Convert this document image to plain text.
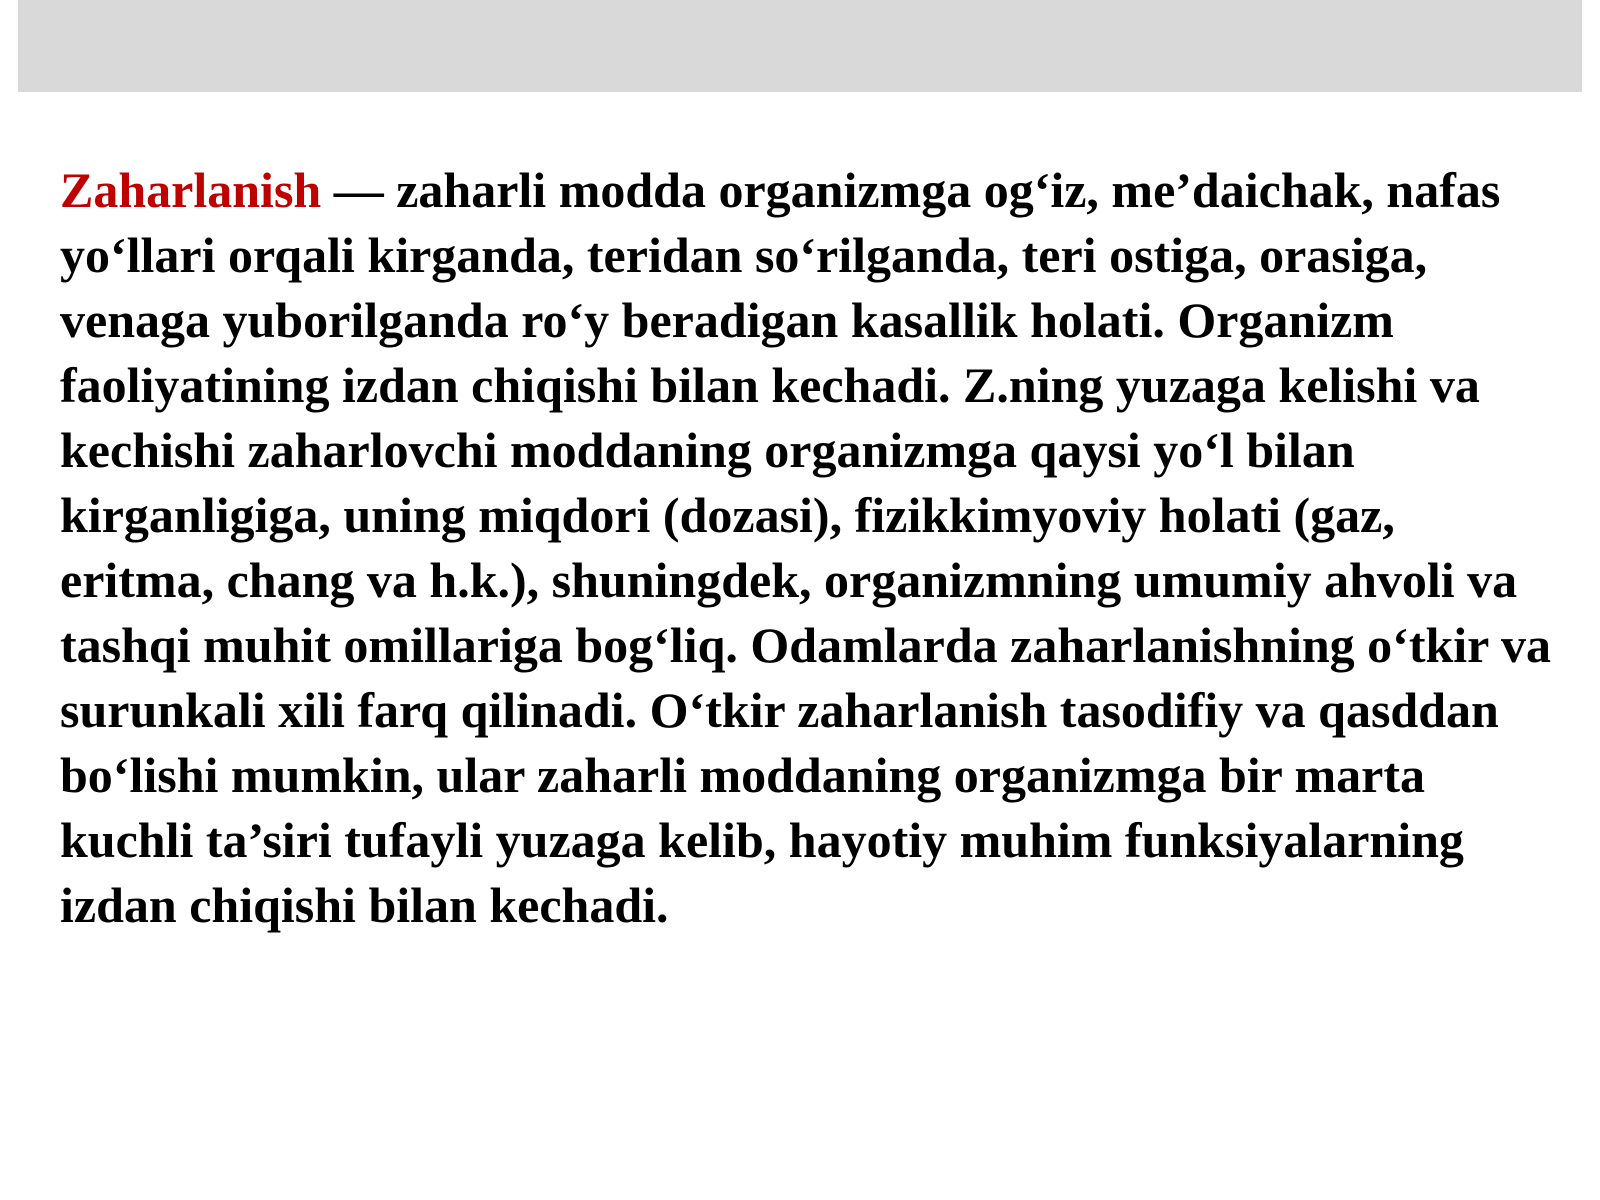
Zaharlanish — zaharli modda organizmga og‘iz, me’daichak, nafas yo‘llari orqali kirganda, teridan so‘rilganda, teri ostiga, orasiga, venaga yuborilganda ro‘y beradigan kasallik holati. Organizm faoliyatining izdan chiqishi bilan kechadi. Z.ning yuzaga kelishi va kechishi zaharlovchi moddaning organizmga qaysi yo‘l bilan kirganligiga, uning miqdori (dozasi), fizikkimyoviy holati (gaz, eritma, chang va h.k.), shuningdek, organizmning umumiy ahvoli va tashqi muhit omillariga bog‘liq. Odamlarda zaharlanishning o‘tkir va surunkali xili farq qilinadi. O‘tkir zaharlanish tasodifiy va qasddan bo‘lishi mumkin, ular zaharli moddaning organizmga bir marta kuchli ta’siri tufayli yuzaga kelib, hayotiy muhim funksiyalarning izdan chiqishi bilan kechadi.
